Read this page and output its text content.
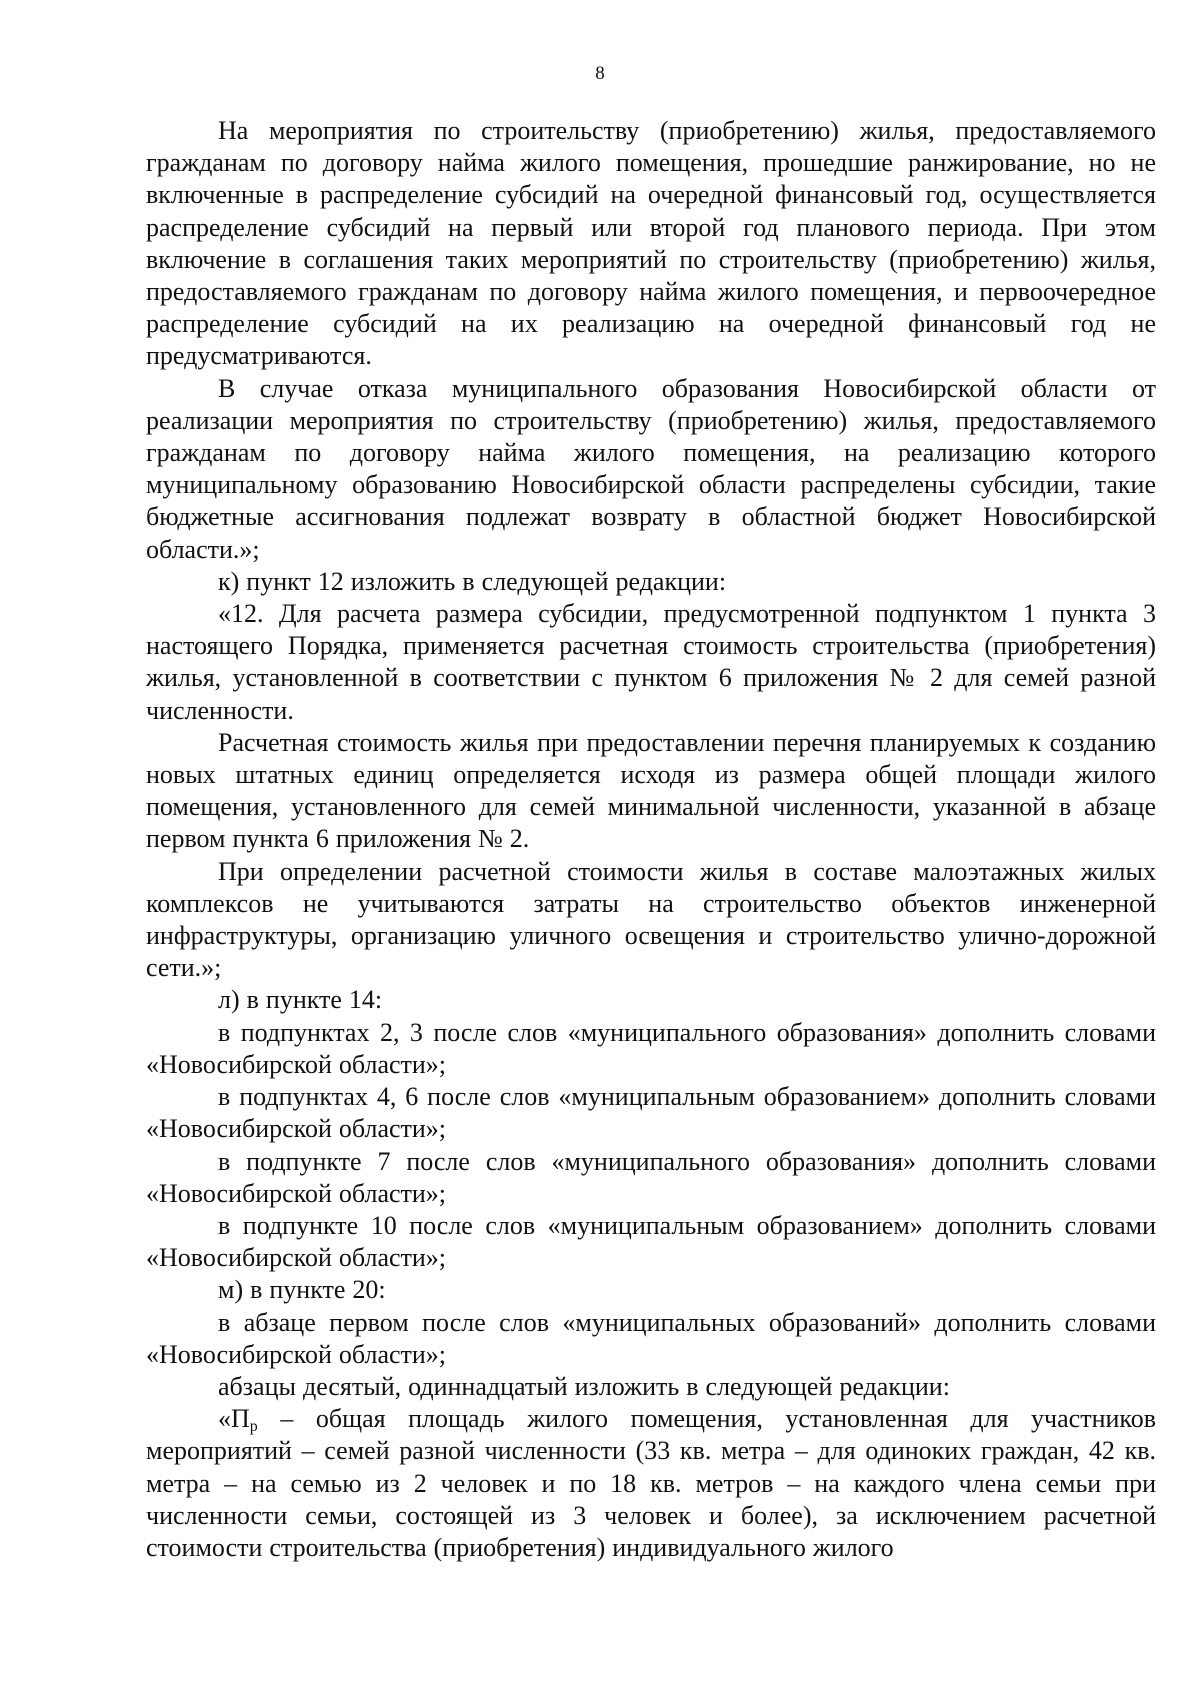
8

На мероприятия по строительству (приобретению) жилья, предоставляемого гражданам по договору найма жилого помещения, прошедшие ранжирование, но не включенные в распределение субсидий на очередной финансовый год, осуществляется распределение субсидий на первый или второй год планового периода. При этом включение в соглашения таких мероприятий по строительству (приобретению) жилья, предоставляемого гражданам по договору найма жилого помещения, и первоочередное распределение субсидий на их реализацию на очередной финансовый год не предусматриваются.

В случае отказа муниципального образования Новосибирской области от реализации мероприятия по строительству (приобретению) жилья, предоставляемого гражданам по договору найма жилого помещения, на реализацию которого муниципальному образованию Новосибирской области распределены субсидии, такие бюджетные ассигнования подлежат возврату в областной бюджет Новосибирской области.»;

к) пункт 12 изложить в следующей редакции:

«12. Для расчета размера субсидии, предусмотренной подпунктом 1 пункта 3 настоящего Порядка, применяется расчетная стоимость строительства (приобретения) жилья, установленной в соответствии с пунктом 6 приложения № 2 для семей разной численности.

Расчетная стоимость жилья при предоставлении перечня планируемых к созданию новых штатных единиц определяется исходя из размера общей площади жилого помещения, установленного для семей минимальной численности, указанной в абзаце первом пункта 6 приложения № 2.

При определении расчетной стоимости жилья в составе малоэтажных жилых комплексов не учитываются затраты на строительство объектов инженерной инфраструктуры, организацию уличного освещения и строительство улично-дорожной сети.»;

л) в пункте 14:

в подпунктах 2, 3 после слов «муниципального образования» дополнить словами «Новосибирской области»;

в подпунктах 4, 6 после слов «муниципальным образованием» дополнить словами «Новосибирской области»;

в подпункте 7 после слов «муниципального образования» дополнить словами «Новосибирской области»;

в подпункте 10 после слов «муниципальным образованием» дополнить словами «Новосибирской области»;

м) в пункте 20:

в абзаце первом после слов «муниципальных образований» дополнить словами «Новосибирской области»;

абзацы десятый, одиннадцатый изложить в следующей редакции:

«$П_р$ – общая площадь жилого помещения, установленная для участников мероприятий – семей разной численности (33 кв. метра – для одиноких граждан, 42 кв. метра – на семью из 2 человек и по 18 кв. метров – на каждого члена семьи при численности семьи, состоящей из 3 человек и более), за исключением расчетной стоимости строительства (приобретения) индивидуального жилого
